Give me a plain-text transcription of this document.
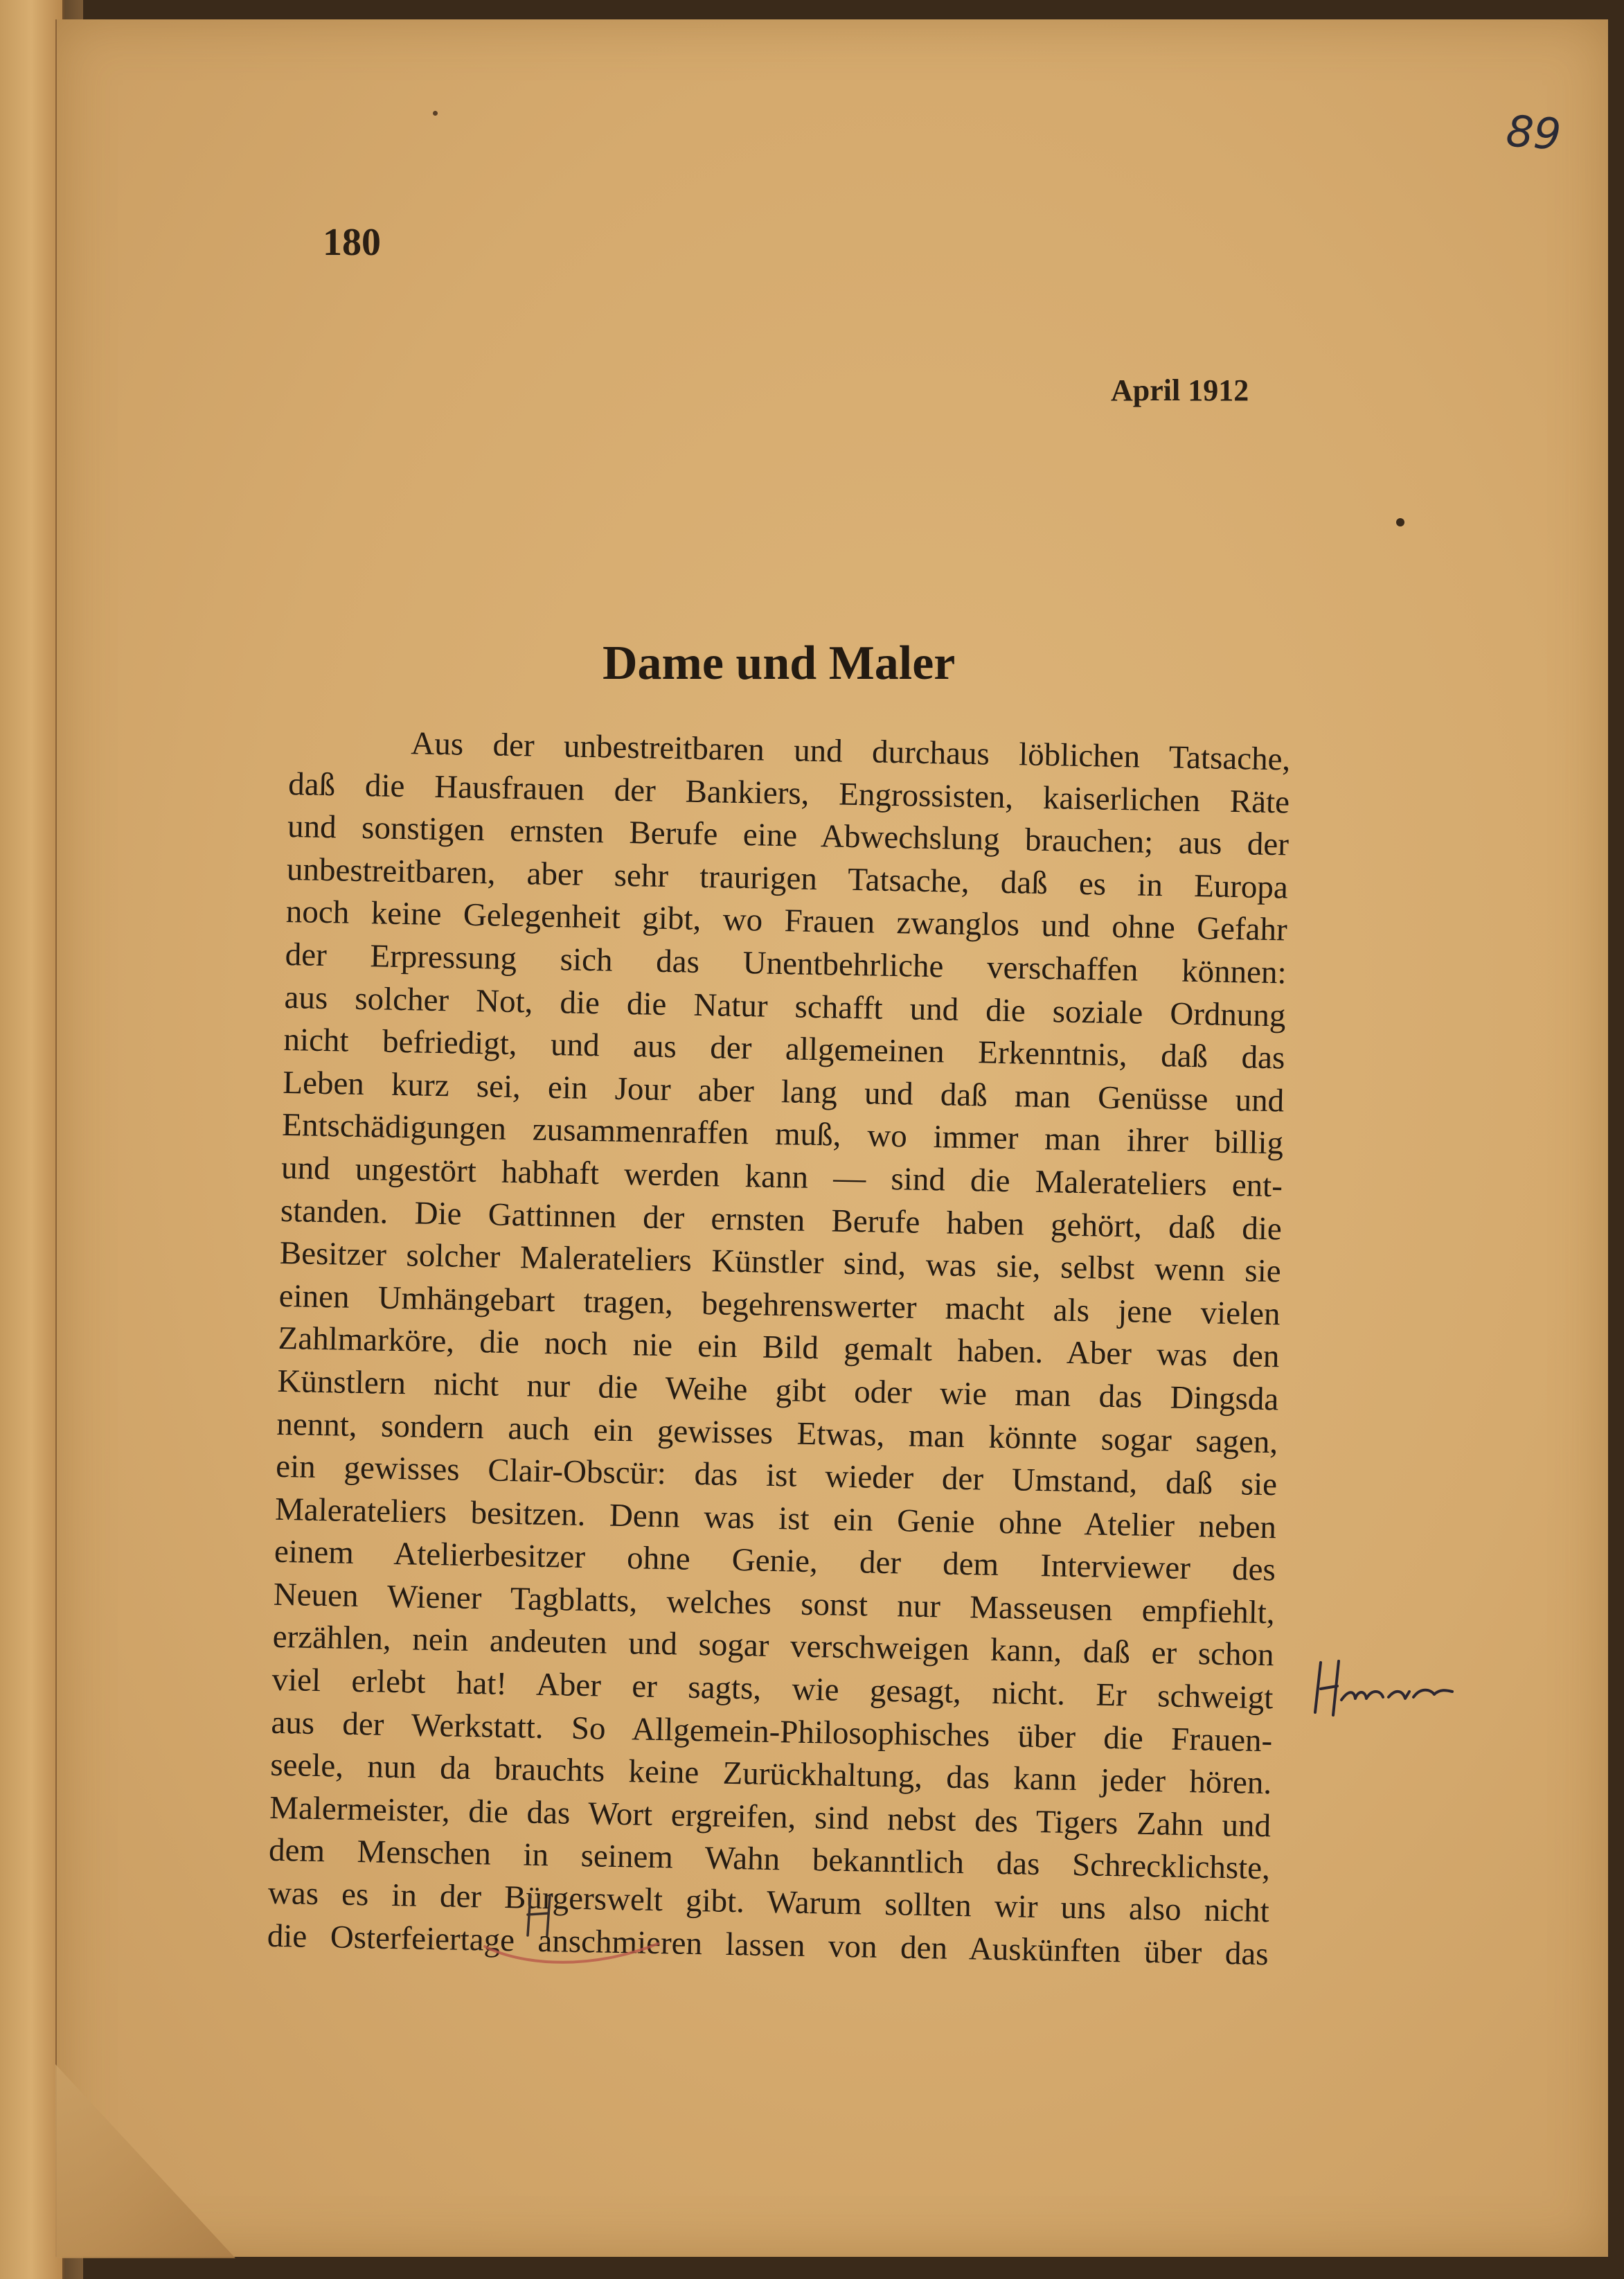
89
180
April 1912
Dame und Maler
Aus der unbestreitbaren und durchaus löblichen Tatsache,
daß die Hausfrauen der Bankiers, Engrossisten, kaiserlichen Räte
und sonstigen ernsten Berufe eine Abwechslung brauchen; aus der
unbestreitbaren, aber sehr traurigen Tatsache, daß es in Europa
noch keine Gelegenheit gibt, wo Frauen zwanglos und ohne Gefahr
der Erpressung sich das Unentbehrliche verschaffen können:
aus solcher Not, die die Natur schafft und die soziale Ordnung
nicht befriedigt, und aus der allgemeinen Erkenntnis, daß das
Leben kurz sei, ein Jour aber lang und daß man Genüsse und
Entschädigungen zusammenraffen muß, wo immer man ihrer billig
und ungestört habhaft werden kann — sind die Malerateliers ent-
standen. Die Gattinnen der ernsten Berufe haben gehört, daß die
Besitzer solcher Malerateliers Künstler sind, was sie, selbst wenn sie
einen Umhängebart tragen, begehrenswerter macht als jene vielen
Zahlmarköre, die noch nie ein Bild gemalt haben. Aber was den
Künstlern nicht nur die Weihe gibt oder wie man das Dingsda
nennt, sondern auch ein gewisses Etwas, man könnte sogar sagen,
ein gewisses Clair-Obscür: das ist wieder der Umstand, daß sie
Malerateliers besitzen. Denn was ist ein Genie ohne Atelier neben
einem Atelierbesitzer ohne Genie, der dem Interviewer des
Neuen Wiener Tagblatts, welches sonst nur Masseusen empfiehlt,
erzählen, nein andeuten und sogar verschweigen kann, daß er schon
viel erlebt hat! Aber er sagts, wie gesagt, nicht. Er schweigt
aus der Werkstatt. So Allgemein-Philosophisches über die Frauen-
seele, nun da brauchts keine Zurückhaltung, das kann jeder hören.
Malermeister, die das Wort ergreifen, sind nebst des Tigers Zahn und
dem Menschen in seinem Wahn bekanntlich das Schrecklichste,
was es in der Bürgerswelt gibt. Warum sollten wir uns also nicht
die Osterfeiertage anschmieren lassen von den Auskünften über das
